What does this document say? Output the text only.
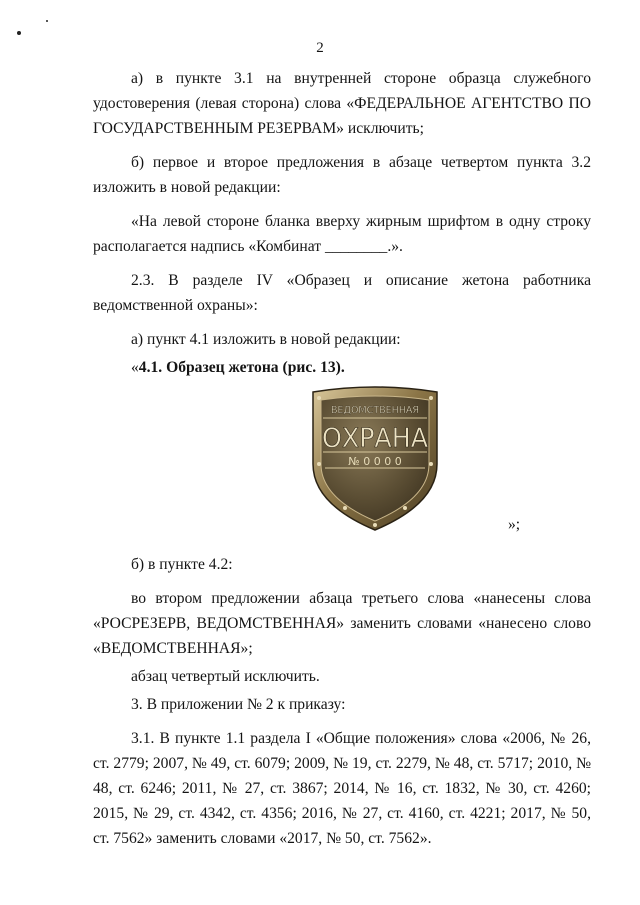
2

а) в пункте 3.1 на внутренней стороне образца служебного удостоверения (левая сторона) слова «ФЕДЕРАЛЬНОЕ АГЕНТСТВО ПО ГОСУДАРСТВЕННЫМ РЕЗЕРВАМ» исключить;

б) первое и второе предложения в абзаце четвертом пункта 3.2 изложить в новой редакции:

«На левой стороне бланка вверху жирным шрифтом в одну строку располагается надпись «Комбинат ________.».

2.3. В разделе IV «Образец и описание жетона работника ведомственной охраны»:

а) пункт 4.1 изложить в новой редакции:

«4.1. Образец жетона (рис. 13).

ВЕДОМСТВЕННАЯ
ОХРАНА
№ 0 0 0 0
»;

б) в пункте 4.2:

во втором предложении абзаца третьего слова «нанесены слова «РОСРЕЗЕРВ, ВЕДОМСТВЕННАЯ» заменить словами «нанесено слово «ВЕДОМСТВЕННАЯ»;

абзац четвертый исключить.

3. В приложении № 2 к приказу:

3.1. В пункте 1.1 раздела I «Общие положения» слова «2006, № 26, ст. 2779; 2007, № 49, ст. 6079; 2009, № 19, ст. 2279, № 48, ст. 5717; 2010, № 48, ст. 6246; 2011, № 27, ст. 3867; 2014, № 16, ст. 1832, № 30, ст. 4260; 2015, № 29, ст. 4342, ст. 4356; 2016, № 27, ст. 4160, ст. 4221; 2017, № 50, ст. 7562» заменить словами «2017, № 50, ст. 7562».
